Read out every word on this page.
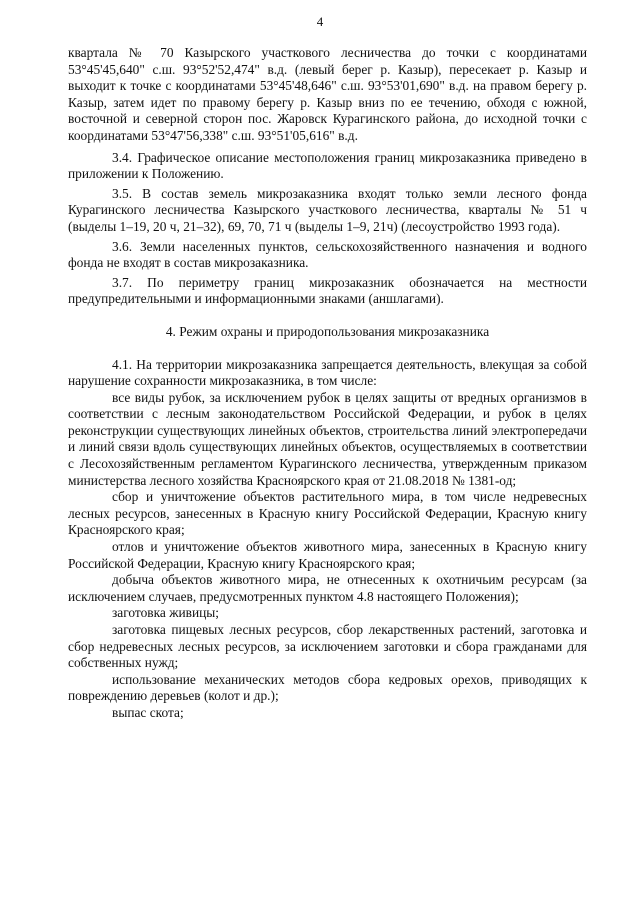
4

квартала № 70 Казырского участкового лесничества до точки с координатами 53°45'45,640" с.ш. 93°52'52,474" в.д. (левый берег р. Казыр), пересекает р. Казыр и выходит к точке с координатами 53°45'48,646" с.ш. 93°53'01,690" в.д. на правом берегу р. Казыр, затем идет по правому берегу р. Казыр вниз по ее течению, обходя с южной, восточной и северной сторон пос. Жаровск Курагинского района, до исходной точки с координатами 53°47'56,338" с.ш. 93°51'05,616" в.д.

3.4. Графическое описание местоположения границ микрозаказника приведено в приложении к Положению.

3.5. В состав земель микрозаказника входят только земли лесного фонда Курагинского лесничества Казырского участкового лесничества, кварталы № 51 ч (выделы 1–19, 20 ч, 21–32), 69, 70, 71 ч (выделы 1–9, 21ч) (лесоустройство 1993 года).

3.6. Земли населенных пунктов, сельскохозяйственного назначения и водного фонда не входят в состав микрозаказника.

3.7. По периметру границ микрозаказник обозначается на местности предупредительными и информационными знаками (аншлагами).

4. Режим охраны и природопользования микрозаказника

4.1. На территории микрозаказника запрещается деятельность, влекущая за собой нарушение сохранности микрозаказника, в том числе:

все виды рубок, за исключением рубок в целях защиты от вредных организмов в соответствии с лесным законодательством Российской Федерации, и рубок в целях реконструкции существующих линейных объектов, строительства линий электропередачи и линий связи вдоль существующих линейных объектов, осуществляемых в соответствии с Лесохозяйственным регламентом Курагинского лесничества, утвержденным приказом министерства лесного хозяйства Красноярского края от 21.08.2018 № 1381-од;

сбор и уничтожение объектов растительного мира, в том числе недревесных лесных ресурсов, занесенных в Красную книгу Российской Федерации, Красную книгу Красноярского края;

отлов и уничтожение объектов животного мира, занесенных в Красную книгу Российской Федерации, Красную книгу Красноярского края;

добыча объектов животного мира, не отнесенных к охотничьим ресурсам (за исключением случаев, предусмотренных пунктом 4.8 настоящего Положения);

заготовка живицы;

заготовка пищевых лесных ресурсов, сбор лекарственных растений, заготовка и сбор недревесных лесных ресурсов, за исключением заготовки и сбора гражданами для собственных нужд;

использование механических методов сбора кедровых орехов, приводящих к повреждению деревьев (колот и др.);

выпас скота;
